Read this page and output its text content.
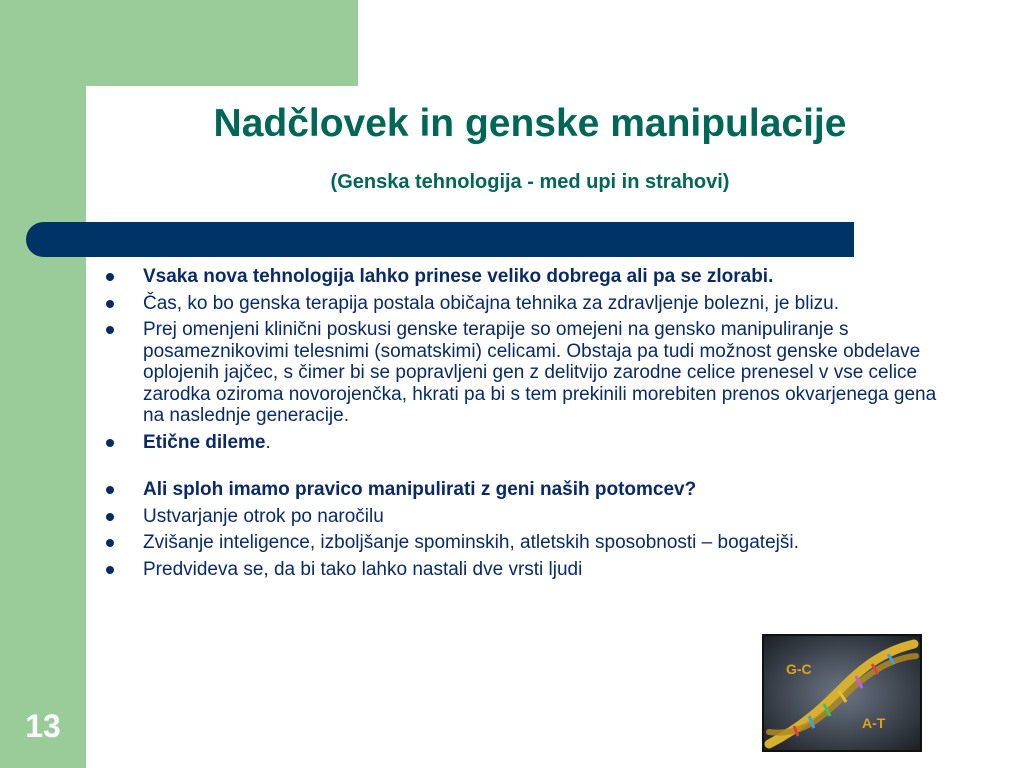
Nadčlovek in genske manipulacije
(Genska tehnologija - med upi in strahovi)
Vsaka nova tehnologija lahko prinese veliko dobrega ali pa se zlorabi.
Čas, ko bo genska terapija postala običajna tehnika za zdravljenje bolezni, je blizu.
Prej omenjeni klinični poskusi genske terapije so omejeni na gensko manipuliranje s posameznikovimi telesnimi (somatskimi) celicami. Obstaja pa tudi možnost genske obdelave oplojenih jajčec, s čimer bi se popravljeni gen z delitvijo zarodne celice prenesel v vse celice zarodka oziroma novorojenčka, hkrati pa bi s tem prekinili morebiten prenos okvarjenega gena na naslednje generacije.
Etične dileme.
Ali sploh imamo pravico manipulirati z geni naših potomcev?
Ustvarjanje otrok po naročilu
Zvišanje inteligence, izboljšanje spominskih, atletskih sposobnosti – bogatejši.
Predvideva se, da bi tako lahko nastali dve vrsti ljudi
13
G-C
A-T
